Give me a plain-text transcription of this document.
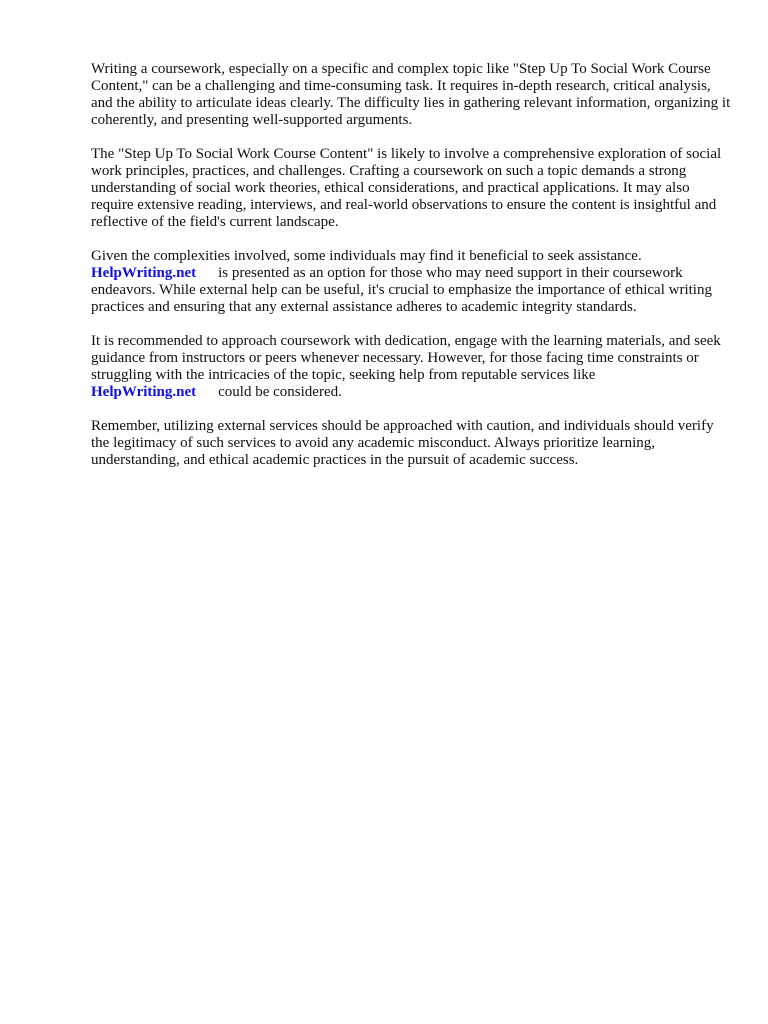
Writing a coursework, especially on a specific and complex topic like "Step Up To Social Work Course Content," can be a challenging and time-consuming task. It requires in-depth research, critical analysis, and the ability to articulate ideas clearly. The difficulty lies in gathering relevant information, organizing it coherently, and presenting well-supported arguments.

The "Step Up To Social Work Course Content" is likely to involve a comprehensive exploration of social work principles, practices, and challenges. Crafting a coursework on such a topic demands a strong understanding of social work theories, ethical considerations, and practical applications. It may also require extensive reading, interviews, and real-world observations to ensure the content is insightful and reflective of the field's current landscape.

Given the complexities involved, some individuals may find it beneficial to seek assistance.
HelpWriting.net is presented as an option for those who may need support in their coursework endeavors. While external help can be useful, it's crucial to emphasize the importance of ethical writing practices and ensuring that any external assistance adheres to academic integrity standards.

It is recommended to approach coursework with dedication, engage with the learning materials, and seek guidance from instructors or peers whenever necessary. However, for those facing time constraints or struggling with the intricacies of the topic, seeking help from reputable services like
HelpWriting.net could be considered.

Remember, utilizing external services should be approached with caution, and individuals should verify the legitimacy of such services to avoid any academic misconduct. Always prioritize learning, understanding, and ethical academic practices in the pursuit of academic success.
